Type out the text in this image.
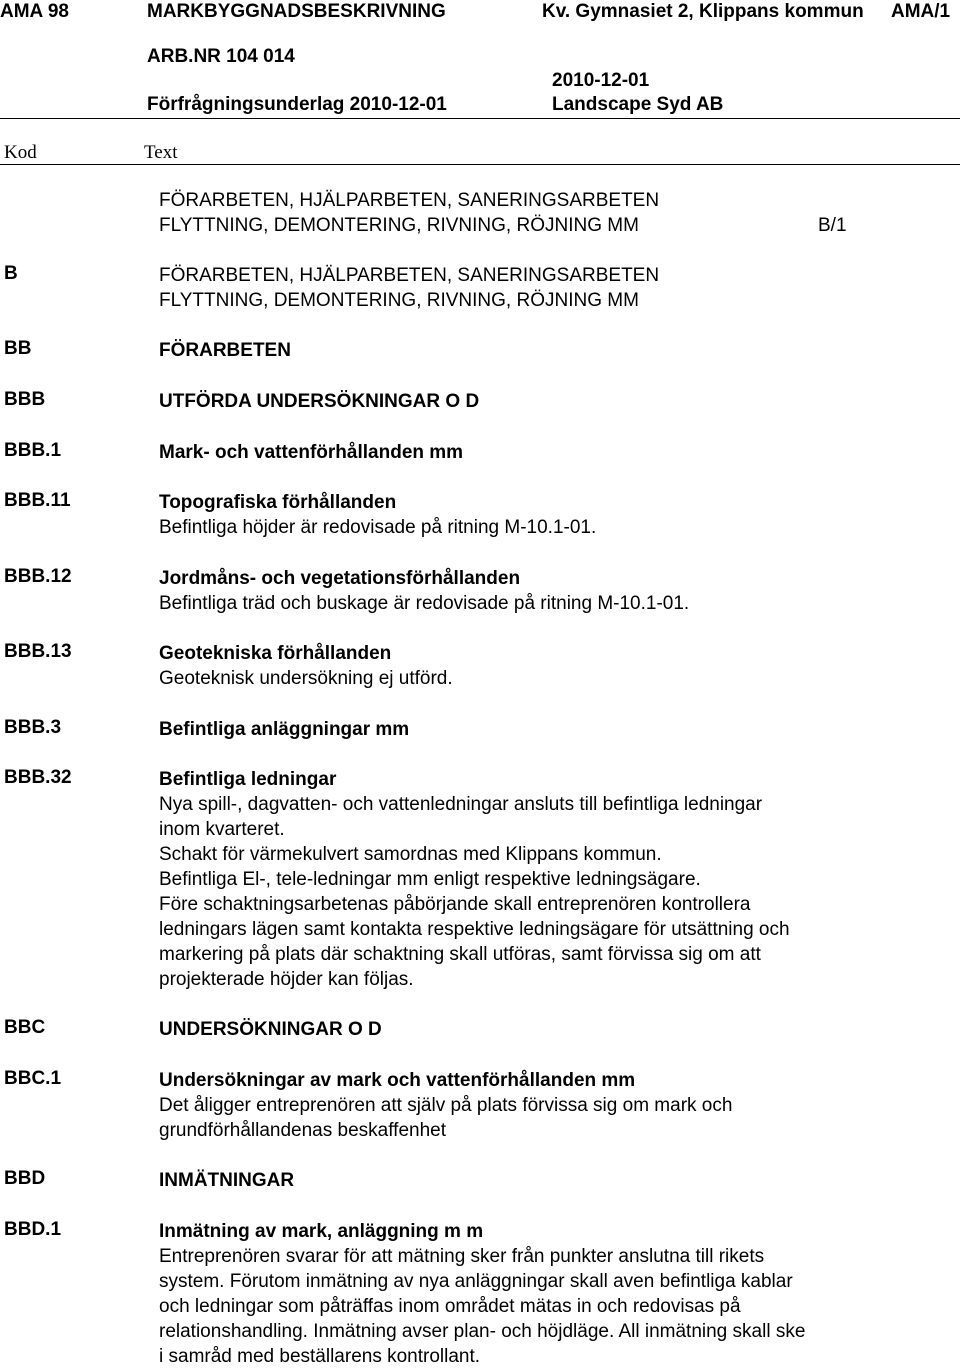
AMA 98	MARKBYGGNADSBESKRIVNING	Kv. Gymnasiet 2, Klippans kommun AMA/1
ARB.NR 104 014
2010-12-01
Förfrågningsunderlag 2010-12-01	Landscape Syd AB
Kod	Text
FÖRARBETEN, HJÄLPARBETEN, SANERINGSARBETEN
FLYTTNING, DEMONTERING, RIVNING, RÖJNING MM	B/1
B	FÖRARBETEN, HJÄLPARBETEN, SANERINGSARBETEN
FLYTTNING, DEMONTERING, RIVNING, RÖJNING MM
BB	FÖRARBETEN
BBB	UTFÖRDA UNDERSÖKNINGAR O D
BBB.1	Mark- och vattenförhållanden mm
BBB.11	Topografiska förhållanden
Befintliga höjder är redovisade på ritning M-10.1-01.
BBB.12	Jordmåns- och vegetationsförhållanden
Befintliga träd och buskage är redovisade på ritning M-10.1-01.
BBB.13	Geotekniska förhållanden
Geoteknisk undersökning ej utförd.
BBB.3	Befintliga anläggningar mm
BBB.32	Befintliga ledningar
Nya spill-, dagvatten- och vattenledningar ansluts till befintliga ledningar
inom kvarteret.
Schakt för värmekulvert samordnas med Klippans kommun.
Befintliga El-, tele-ledningar mm enligt respektive ledningsägare.
Före schaktningsarbetenas påbörjande skall entreprenören kontrollera
ledningars lägen samt kontakta respektive ledningsägare för utsättning och
markering på plats där schaktning skall utföras, samt förvissa sig om att
projekterade höjder kan följas.
BBC	UNDERSÖKNINGAR O D
BBC.1	Undersökningar av mark och vattenförhållanden mm
Det åligger entreprenören att själv på plats förvissa sig om mark och
grundförhållandenas beskaffenhet
BBD	INMÄTNINGAR
BBD.1	Inmätning av mark, anläggning m m
Entreprenören svarar för att mätning sker från punkter anslutna till rikets
system. Förutom inmätning av nya anläggningar skall aven befintliga kablar
och ledningar som påträffas inom området mätas in och redovisas på
relationshandling. Inmätning avser plan- och höjdläge. All inmätning skall ske
i samråd med beställarens kontrollant.
